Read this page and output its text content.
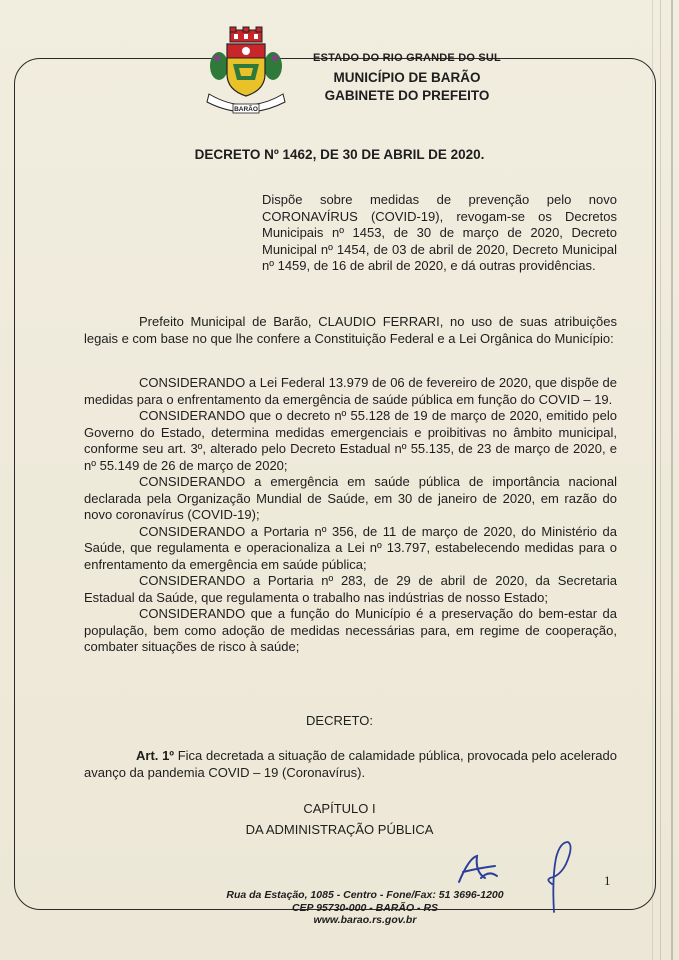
BARÃO
ESTADO DO RIO GRANDE DO SUL
MUNICÍPIO DE BARÃO
GABINETE DO PREFEITO
DECRETO Nº 1462, DE 30 DE ABRIL DE 2020.
Dispõe sobre medidas de prevenção pelo novo CORONAVÍRUS (COVID-19), revogam-se os Decretos Municipais nº 1453, de 30 de março de 2020, Decreto Municipal nº 1454, de 03 de abril de 2020, Decreto Municipal nº 1459, de 16 de abril de 2020, e dá outras providências.
Prefeito Municipal de Barão, CLAUDIO FERRARI, no uso de suas atribuições legais e com base no que lhe confere a Constituição Federal e a Lei Orgânica do Município:

CONSIDERANDO a Lei Federal 13.979 de 06 de fevereiro de 2020, que dispõe de medidas para o enfrentamento da emergência de saúde pública em função do COVID – 19.

CONSIDERANDO que o decreto nº 55.128 de 19 de março de 2020, emitido pelo Governo do Estado, determina medidas emergenciais e proibitivas no âmbito municipal, conforme seu art. 3º, alterado pelo Decreto Estadual nº 55.135, de 23 de março de 2020, e nº 55.149 de 26 de março de 2020;

CONSIDERANDO a emergência em saúde pública de importância nacional declarada pela Organização Mundial de Saúde, em 30 de janeiro de 2020, em razão do novo coronavírus (COVID-19);

CONSIDERANDO a Portaria nº 356, de 11 de março de 2020, do Ministério da Saúde, que regulamenta e operacionaliza a Lei nº 13.797, estabelecendo medidas para o enfrentamento da emergência em saúde pública;

CONSIDERANDO a Portaria nº 283, de 29 de abril de 2020, da Secretaria Estadual da Saúde, que regulamenta o trabalho nas indústrias de nosso Estado;

CONSIDERANDO que a função do Município é a preservação do bem-estar da população, bem como adoção de medidas necessárias para, em regime de cooperação, combater situações de risco à saúde;

DECRETO:
Art. 1º Fica decretada a situação de calamidade pública, provocada pelo acelerado avanço da pandemia COVID – 19 (Coronavírus).
CAPÍTULO I
DA ADMINISTRAÇÃO PÚBLICA
1
Rua da Estação, 1085 - Centro - Fone/Fax: 51 3696-1200
CEP 95730-000 - BARÃO - RS
www.barao.rs.gov.br
